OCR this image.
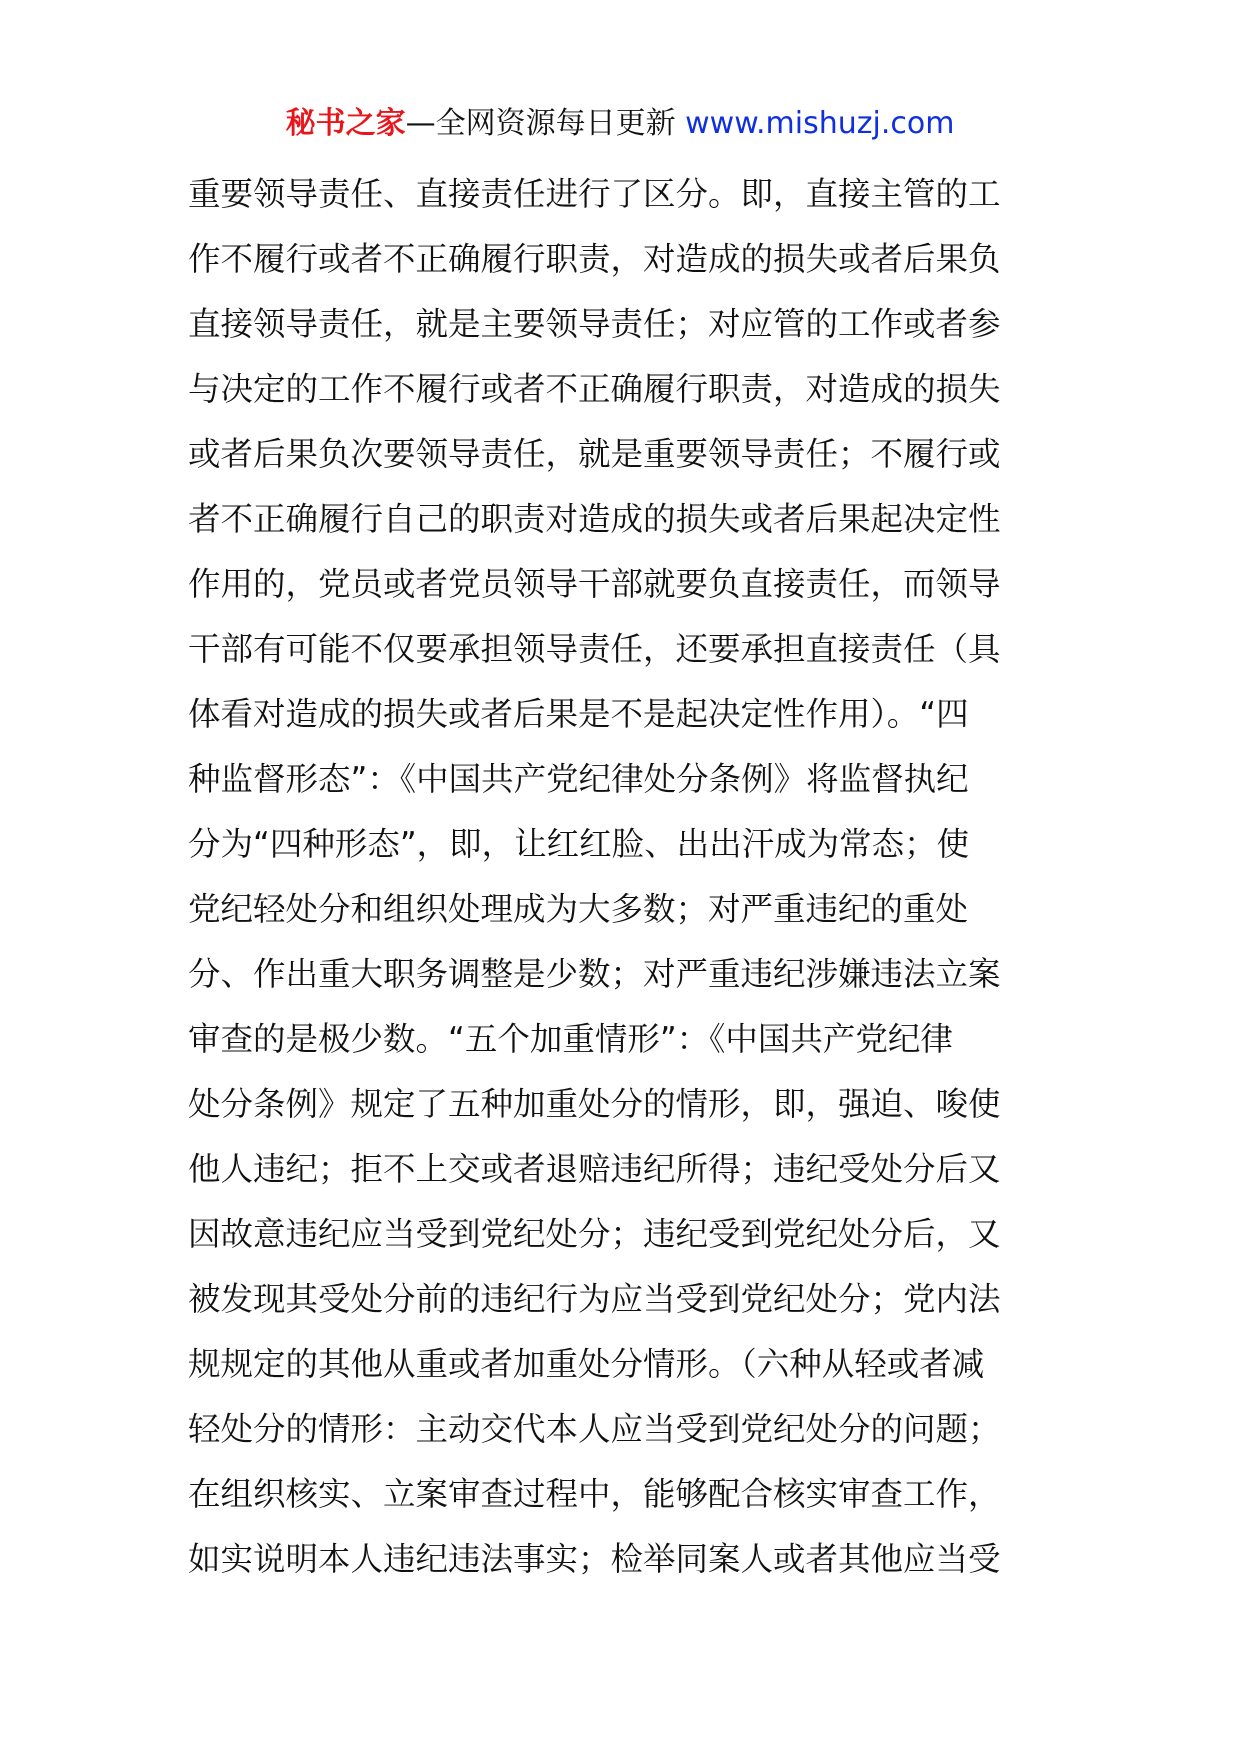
秘书之家—全网资源每日更新 www.mishuzj.com
重要领导责任、直接责任进行了区分。即，直接主管的工
作不履行或者不正确履行职责，对造成的损失或者后果负
直接领导责任，就是主要领导责任；对应管的工作或者参
与决定的工作不履行或者不正确履行职责，对造成的损失
或者后果负次要领导责任，就是重要领导责任；不履行或
者不正确履行自己的职责对造成的损失或者后果起决定性
作用的，党员或者党员领导干部就要负直接责任，而领导
干部有可能不仅要承担领导责任，还要承担直接责任（具
体看对造成的损失或者后果是不是起决定性作用）。“四
种监督形态”：《中国共产党纪律处分条例》将监督执纪
分为“四种形态”，即，让红红脸、出出汗成为常态；使
党纪轻处分和组织处理成为大多数；对严重违纪的重处
分、作出重大职务调整是少数；对严重违纪涉嫌违法立案
审查的是极少数。“五个加重情形”：《中国共产党纪律
处分条例》规定了五种加重处分的情形，即，强迫、唆使
他人违纪；拒不上交或者退赔违纪所得；违纪受处分后又
因故意违纪应当受到党纪处分；违纪受到党纪处分后，又
被发现其受处分前的违纪行为应当受到党纪处分；党内法
规规定的其他从重或者加重处分情形。（六种从轻或者减
轻处分的情形：主动交代本人应当受到党纪处分的问题；
在组织核实、立案审查过程中，能够配合核实审查工作，
如实说明本人违纪违法事实；检举同案人或者其他应当受
